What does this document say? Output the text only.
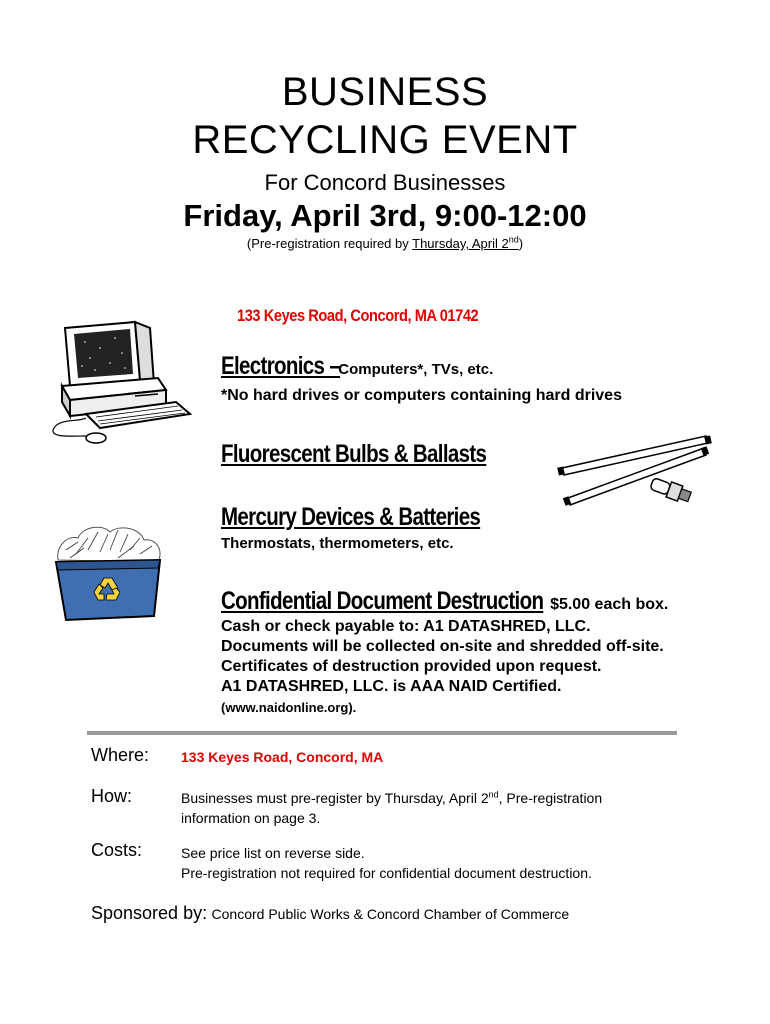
BUSINESS
RECYCLING EVENT
For Concord Businesses
Friday, April 3rd, 9:00-12:00
(Pre-registration required by Thursday, April 2nd)
133 Keyes Road, Concord, MA 01742
Electronics –Computers*, TVs, etc.
*No hard drives or computers containing hard drives
Fluorescent Bulbs & Ballasts
Mercury Devices & Batteries
Thermostats, thermometers, etc.
Confidential Document Destruction $5.00 each box.
Cash or check payable to: A1 DATASHRED, LLC.
Documents will be collected on-site and shredded off-site.
Certificates of destruction provided upon request.
A1 DATASHRED, LLC. is AAA NAID Certified.
(www.naidonline.org).
Where: 133 Keyes Road, Concord, MA
How:	Businesses must pre-register by Thursday, April 2nd, Pre-registration
information on page 3.
Costs:	See price list on reverse side.
Pre-registration not required for confidential document destruction.
Sponsored by: Concord Public Works & Concord Chamber of Commerce
